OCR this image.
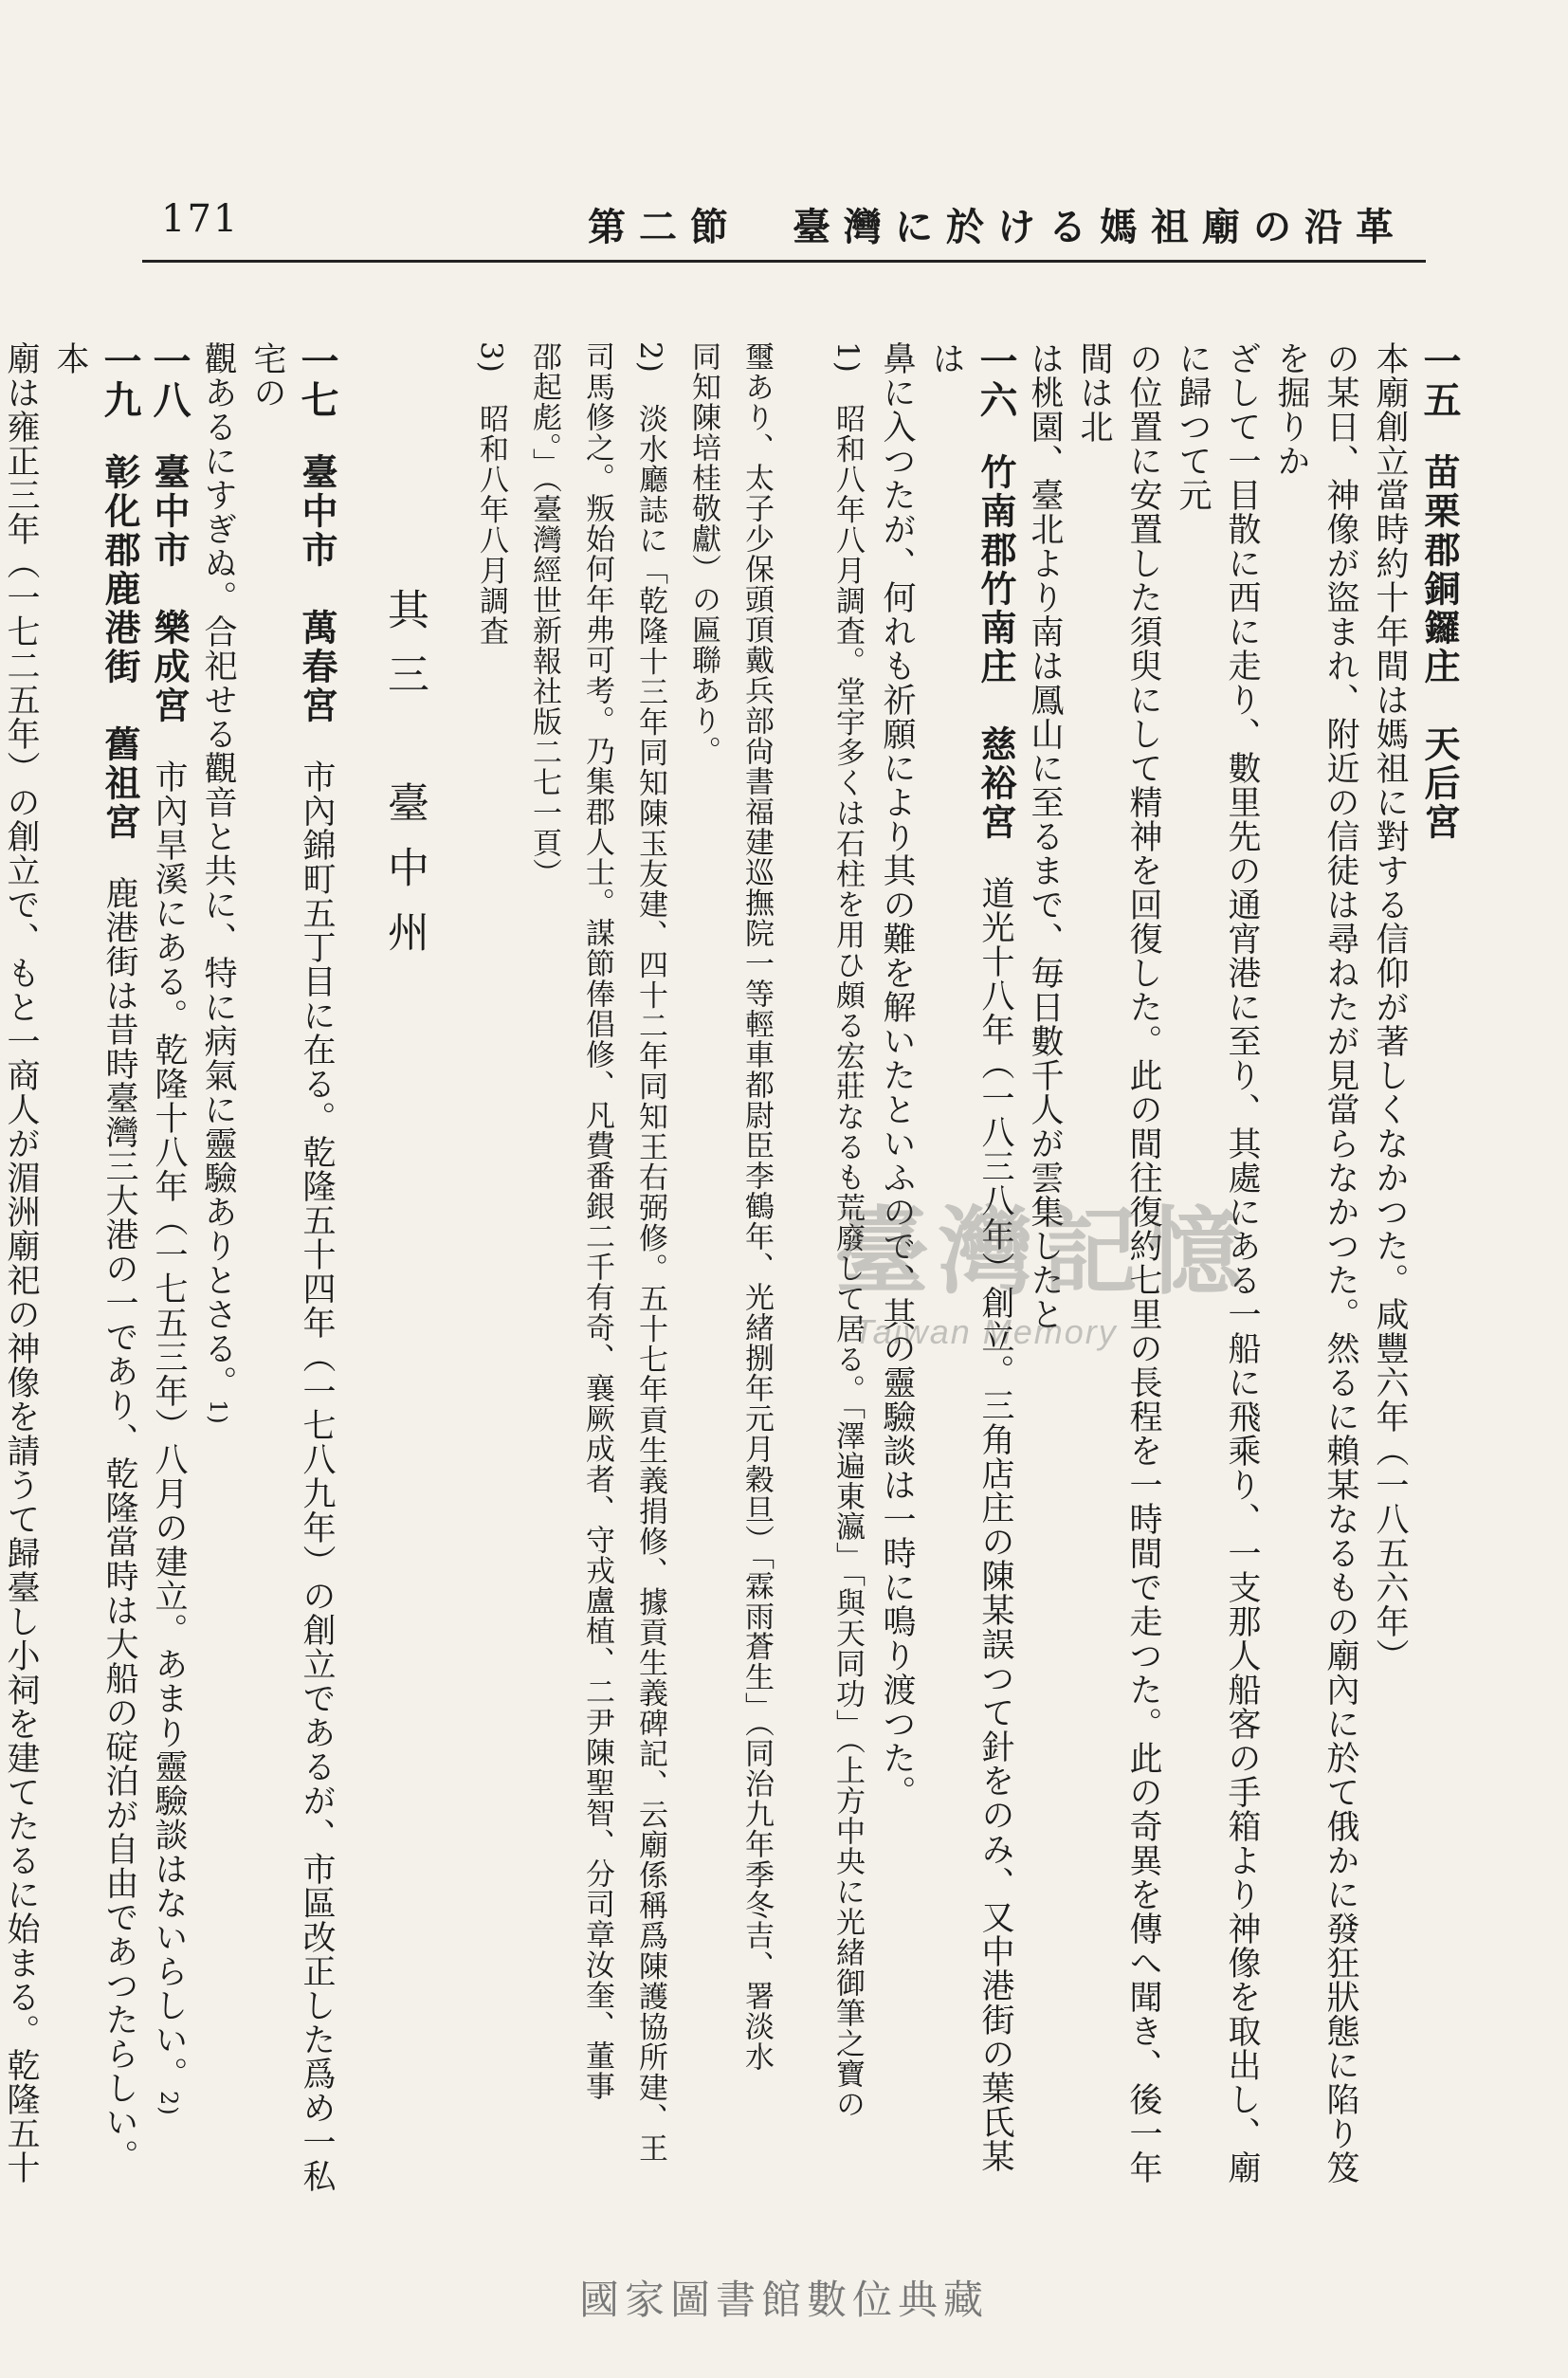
171	第二節　臺灣に於ける媽祖廟の沿革

一五　苗栗郡銅鑼庄　天后宮　本廟創立當時約十年間は媽祖に對する信仰が著しくなかつた。咸豐六年（一八五六年）

の某日、神像が盜まれ、附近の信徒は尋ねたが見當らなかつた。然るに賴某なるもの廟內に於て俄かに發狂狀態に陷り笈を掘りか

ざして一目散に西に走り、數里先の通宵港に至り、其處にある一船に飛乘り、一支那人船客の手箱より神像を取出し、廟に歸つて元

の位置に安置した須臾にして精神を回復した。此の間往復約七里の長程を一時間で走つた。此の奇異を傳へ聞き、後一年間は北

は桃園、臺北より南は鳳山に至るまで、毎日數千人が雲集したと

一六　竹南郡竹南庄　慈裕宮　道光十八年（一八三八年）創立。三角店庄の陳某誤つて針をのみ、又中港街の葉氏某は

鼻に入つたが、何れも祈願により其の難を解いたといふので、其の靈驗談は一時に鳴り渡つた。

1)　昭和八年八月調査。堂宇多くは石柱を用ひ頗る宏莊なるも荒廢して居る。「澤遍東瀛」「與天同功」（上方中央に光緒御筆之寶の

璽あり、太子少保頭頂戴兵部尙書福建巡撫院一等輕車都尉臣李鶴年、光緒捌年元月穀旦）「霖雨蒼生」（同治九年季冬吉、署淡水

同知陳培桂敬獻）の匾聯あり。

2)　淡水廳誌に「乾隆十三年同知陳玉友建、四十二年同知王右弼修。五十七年貢生義捐修、據貢生義碑記、云廟係稱爲陳護協所建、王

司馬修之。叛始何年弗可考。乃集郡人士。謀節俸倡修、凡費番銀二千有奇、襄厥成者、守戎盧植、二尹陳聖智、分司章汝奎、董事

邵起彪。」（臺灣經世新報社版二七一頁）

3)　昭和八年八月調査

其三　臺中州

一七　臺中市　萬春宮　市內錦町五丁目に在る。乾隆五十四年（一七八九年）の創立であるが、市區改正した爲め一私宅の

觀あるにすぎぬ。合祀せる觀音と共に、特に病氣に靈驗ありとさる。1)

一八　臺中市　樂成宮　市內旱溪にある。乾隆十八年（一七五三年）八月の建立。あまり靈驗談はないらしい。2)

一九　彰化郡鹿港街　舊祖宮　鹿港街は昔時臺灣三大港の一であり、乾隆當時は大船の碇泊が自由であつたらしい。本

廟は雍正三年（一七二五年）の創立で、もと一商人が湄洲廟祀の神像を請うて歸臺し小祠を建てたるに始まる。乾隆五十

臺灣記憶
Taiwan Memory
國家圖書館數位典藏
